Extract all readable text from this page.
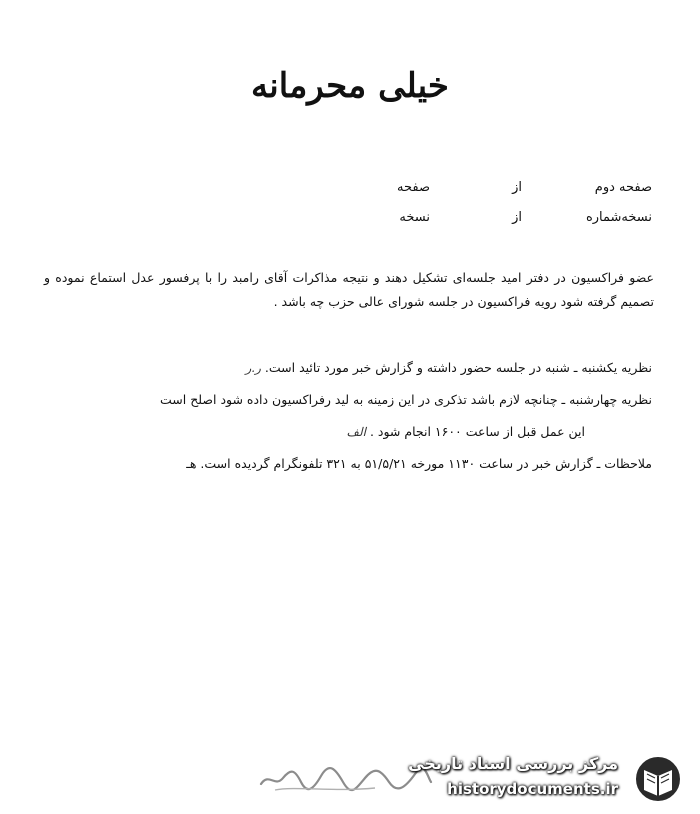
خیلی محرمانه
صفحه دوم
از
صفحه
نسخه‌شماره
از
نسخه
عضو فراکسیون در دفتر امید جلسه‌ای تشکیل دهند و نتیجه مذاکرات آقای رامبد را با پرفسور عدل استماع نموده و تصمیم گرفته شود رویه فراکسیون در جلسه شورای عالی حزب چه باشد .
نظریه یکشنبه ـ شنبه در جلسه حضور داشته و گزارش خبر مورد تائید است. ر.ر
نظریه چهارشنبه ـ چنانچه لازم باشد تذکری در این زمینه به لید رفراکسیون داده شود اصلح است
این عمل قبل از ساعت ۱۶۰۰ انجام شود . الف
ملاحظات ـ گزارش خبر در ساعت ۱۱۳۰ مورخه ۵۱/۵/۲۱ به ۳۲۱ تلفونگرام گردیده است. هـ
مرکز بررسی اسناد تاریخی
historydocuments.ir
